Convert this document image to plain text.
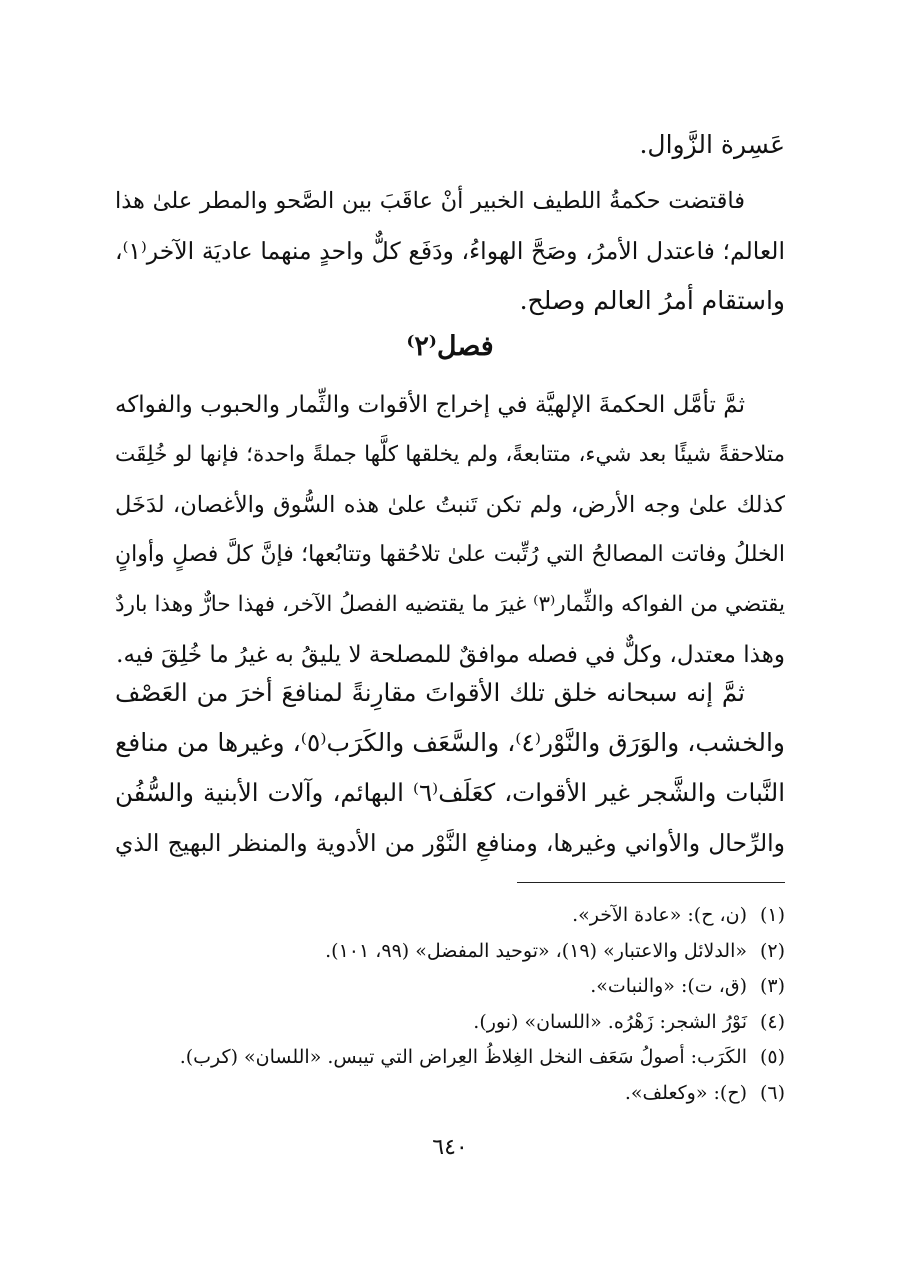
عَسِرة الزَّوال.
فاقتضت حكمةُ اللطيف الخبير أنْ عاقَبَ بين الصَّحو والمطر علىٰ هذا
العالم؛ فاعتدل الأمرُ، وصَحَّ الهواءُ، ودَفَع كلٌّ واحدٍ منهما عاديَة الآخر⁽١⁾،
واستقام أمرُ العالم وصلح.
فصل⁽٢⁾
ثمَّ تأمَّل الحكمةَ الإلهيَّة في إخراج الأقوات والثِّمار والحبوب والفواكه
متلاحقةً شيئًا بعد شيء، متتابعةً، ولم يخلقها كلَّها جملةً واحدة؛ فإنها لو خُلِقَت
كذلك علىٰ وجه الأرض، ولم تكن تَنبتُ علىٰ هذه السُّوق والأغصان، لدَخَل
الخللُ وفاتت المصالحُ التي رُتِّبت علىٰ تلاحُقها وتتابُعها؛ فإنَّ كلَّ فصلٍ وأوانٍ
يقتضي من الفواكه والثِّمار⁽٣⁾ غيرَ ما يقتضيه الفصلُ الآخر، فهذا حارٌّ وهذا باردٌ
وهذا معتدل، وكلٌّ في فصله موافقٌ للمصلحة لا يليقُ به غيرُ ما خُلِقَ فيه.
ثمَّ إنه سبحانه خلق تلك الأقواتَ مقارِنةً لمنافعَ أخرَ من العَصْف
والخشب، والوَرَق والنَّوْر⁽٤⁾، والسَّعَف والكَرَب⁽٥⁾، وغيرها من منافع
النَّبات والشَّجر غير الأقوات، كعَلَف⁽٦⁾ البهائم، وآلات الأبنية والسُّفُن
والرِّحال والأواني وغيرها، ومنافعِ النَّوْر من الأدوية والمنظر البهيج الذي
(١)(ن، ح): «عادة الآخر».
(٢)«الدلائل والاعتبار» (١٩)، «توحيد المفضل» (٩٩، ١٠١).
(٣)(ق، ت): «والنبات».
(٤)نَوْرُ الشجر: زَهْرُه. «اللسان» (نور).
(٥)الكَرَب: أصولُ سَعَف النخل الغِلاظُ العِراض التي تيبس. «اللسان» (كرب).
(٦)(ح): «وكعلف».
٦٤٠
